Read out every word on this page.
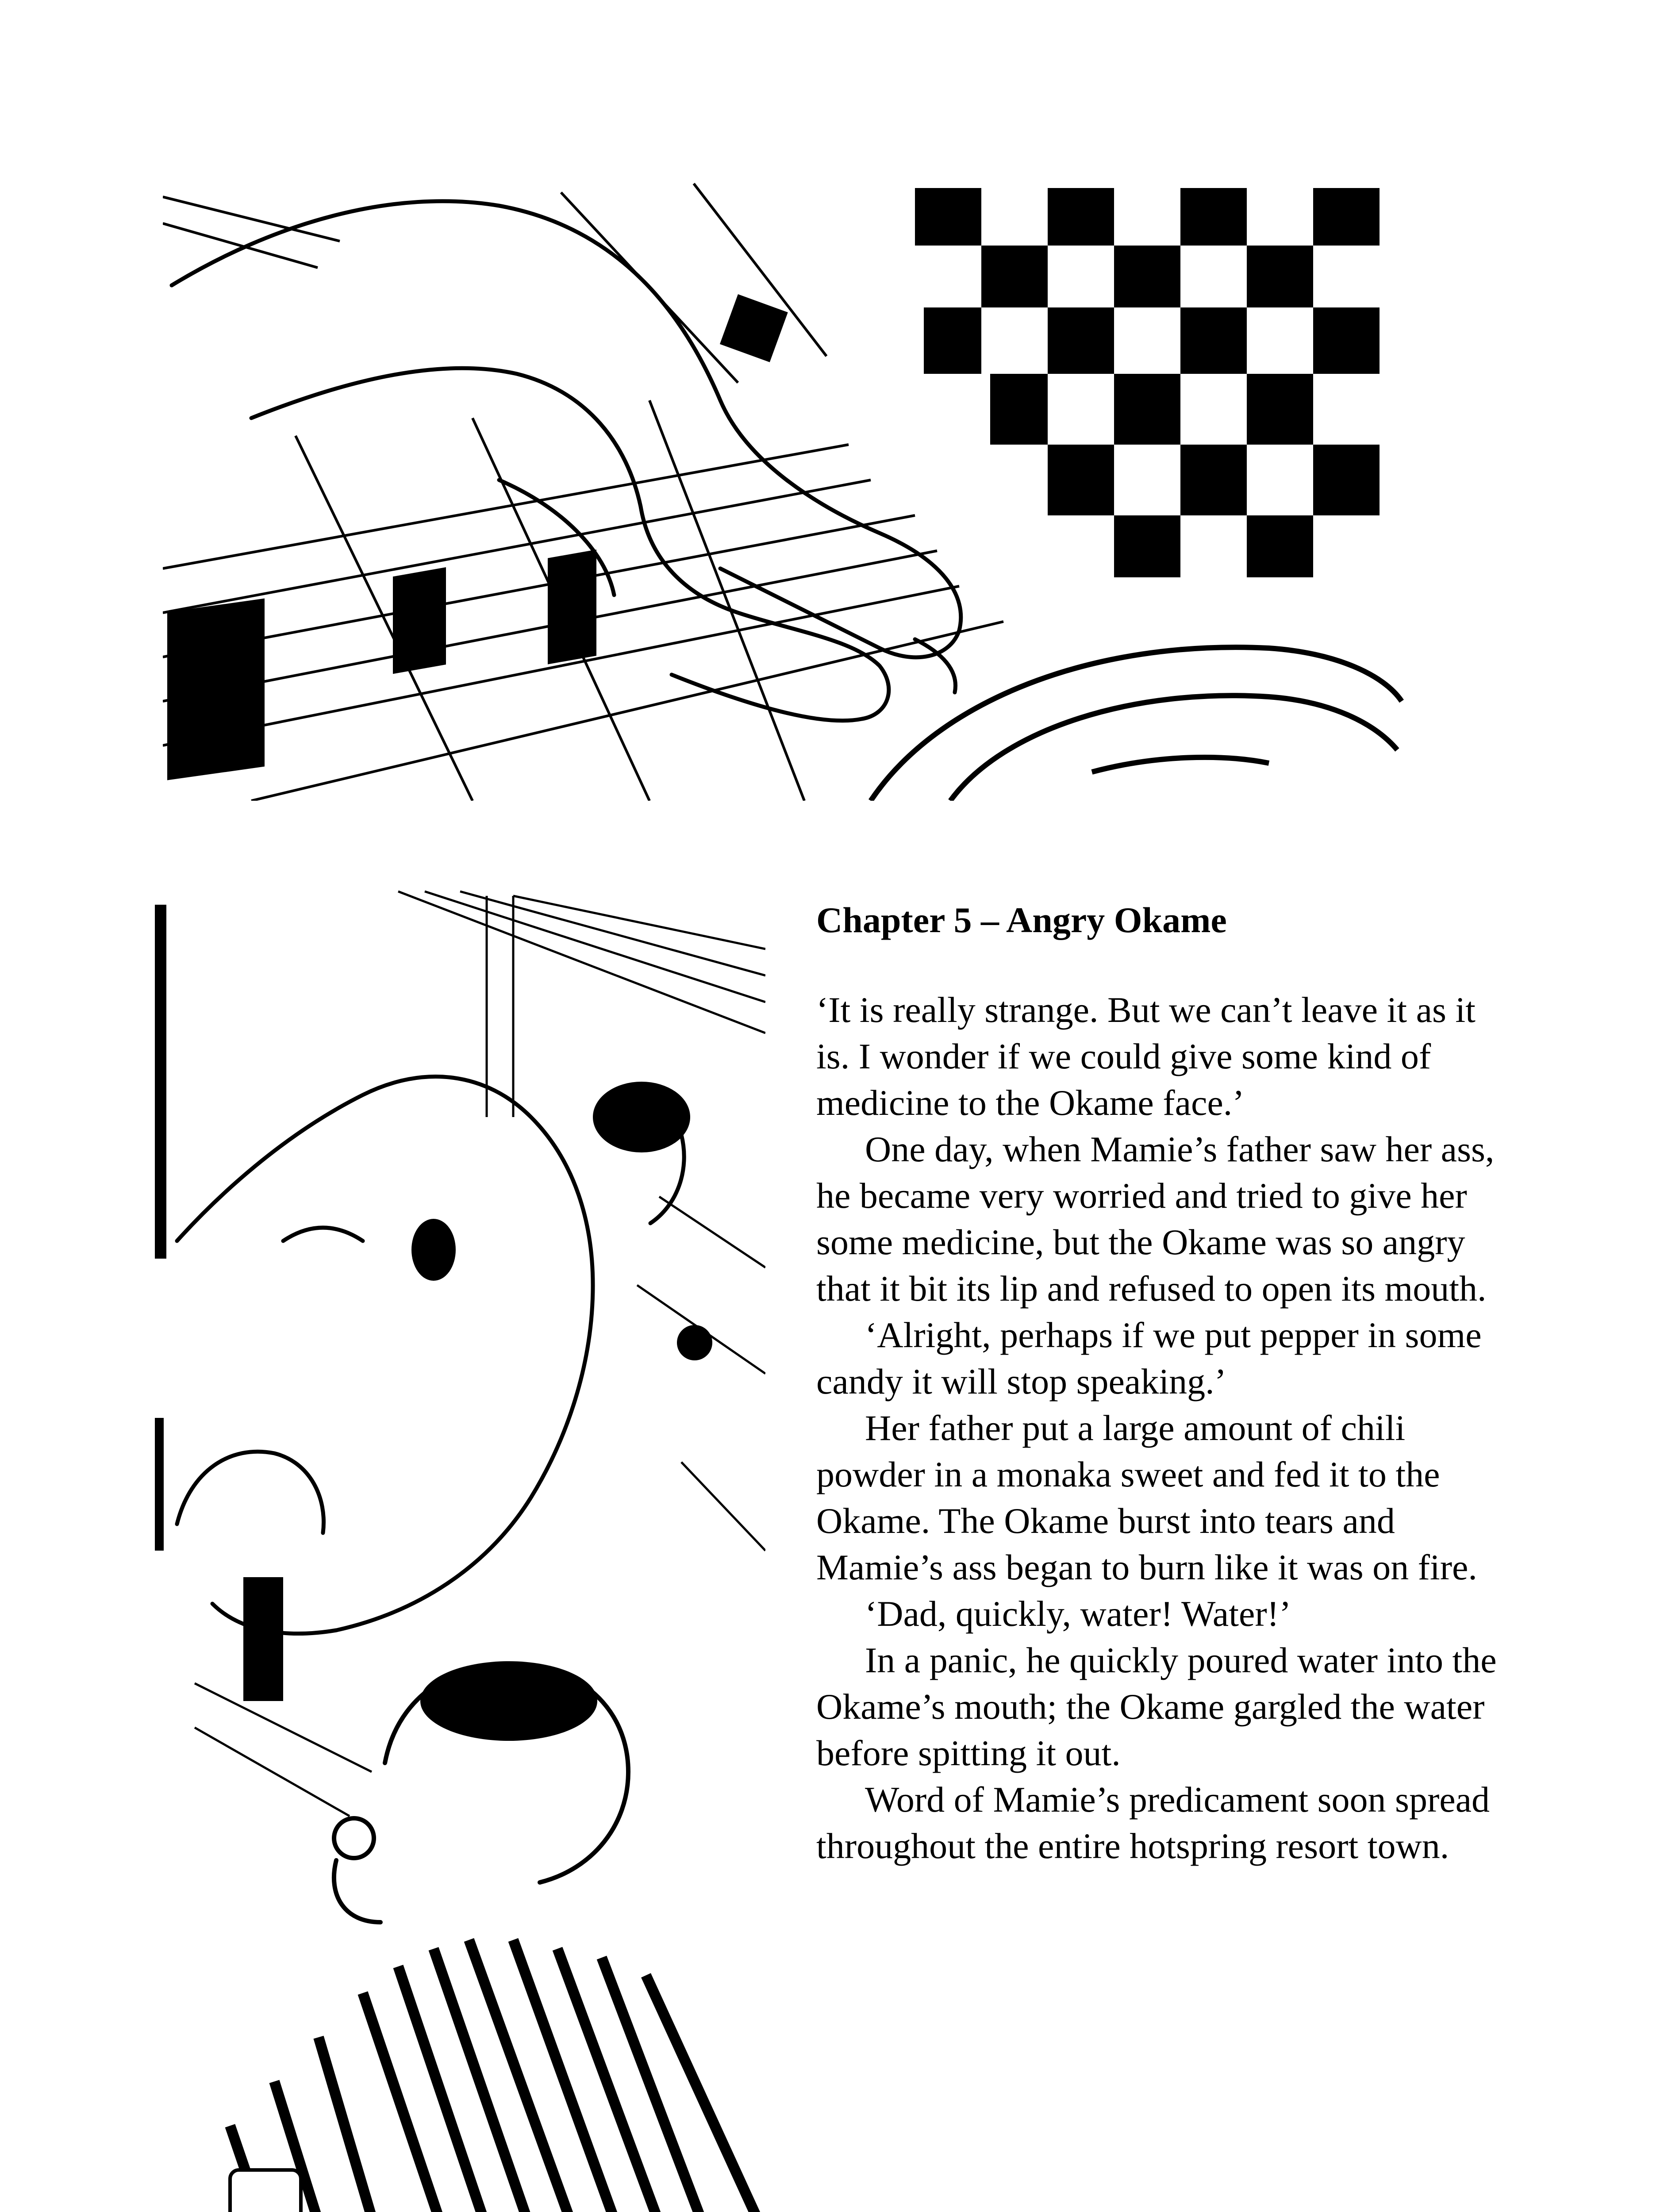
Chapter 5 – Angry Okame

‘It is really strange. But we can’t leave it as it is. I wonder if we could give some kind of medicine to the Okame face.’

One day, when Mamie’s father saw her ass, he became very worried and tried to give her some medicine, but the Okame was so angry that it bit its lip and refused to open its mouth.

‘Alright, perhaps if we put pepper in some candy it will stop speaking.’

Her father put a large amount of chili powder in a monaka sweet and fed it to the Okame. The Okame burst into tears and Mamie’s ass began to burn like it was on fire.

‘Dad, quickly, water! Water!’

In a panic, he quickly poured water into the Okame’s mouth; the Okame gargled the water before spitting it out.

Word of Mamie’s predicament soon spread throughout the entire hotspring resort town.
